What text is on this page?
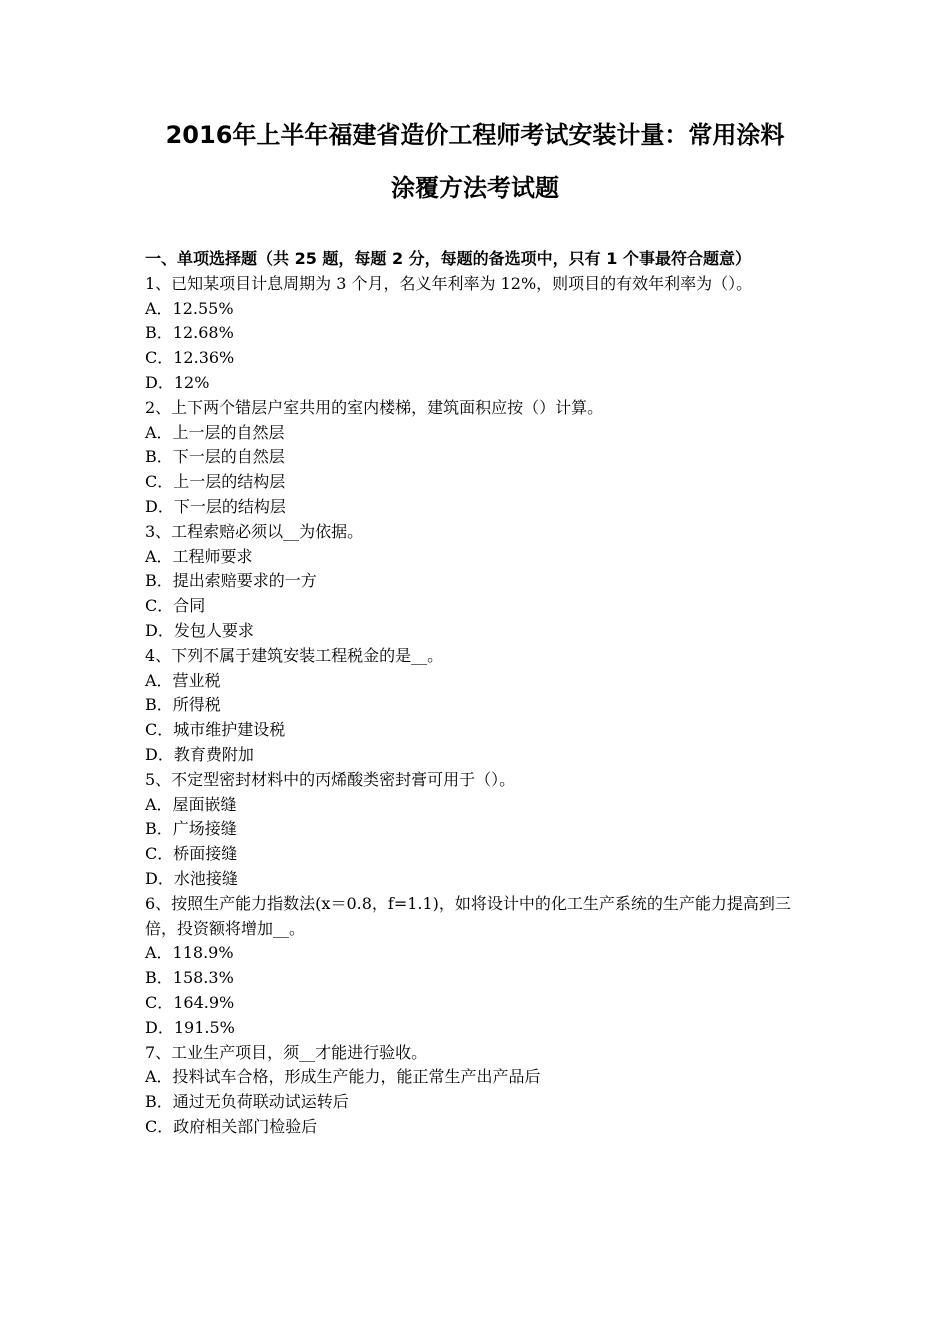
2016年上半年福建省造价工程师考试安装计量：常用涂料
涂覆方法考试题
一、单项选择题（共 25 题，每题 2 分，每题的备选项中，只有 1 个事最符合题意）
1、已知某项目计息周期为 3 个月，名义年利率为 12%，则项目的有效年利率为（）。
A．12.55%
B．12.68%
C．12.36%
D．12%
2、上下两个错层户室共用的室内楼梯，建筑面积应按（）计算。
A．上一层的自然层
B．下一层的自然层
C．上一层的结构层
D．下一层的结构层
3、工程索赔必须以__为依据。
A．工程师要求
B．提出索赔要求的一方
C．合同
D．发包人要求
4、下列不属于建筑安装工程税金的是__。
A．营业税
B．所得税
C．城市维护建设税
D．教育费附加
5、不定型密封材料中的丙烯酸类密封膏可用于（）。
A．屋面嵌缝
B．广场接缝
C．桥面接缝
D．水池接缝
6、按照生产能力指数法(x＝0.8，f=1.1)，如将设计中的化工生产系统的生产能力提高到三倍，投资额将增加__。
A．118.9%
B．158.3%
C．164.9%
D．191.5%
7、工业生产项目，须__才能进行验收。
A．投料试车合格，形成生产能力，能正常生产出产品后
B．通过无负荷联动试运转后
C．政府相关部门检验后
